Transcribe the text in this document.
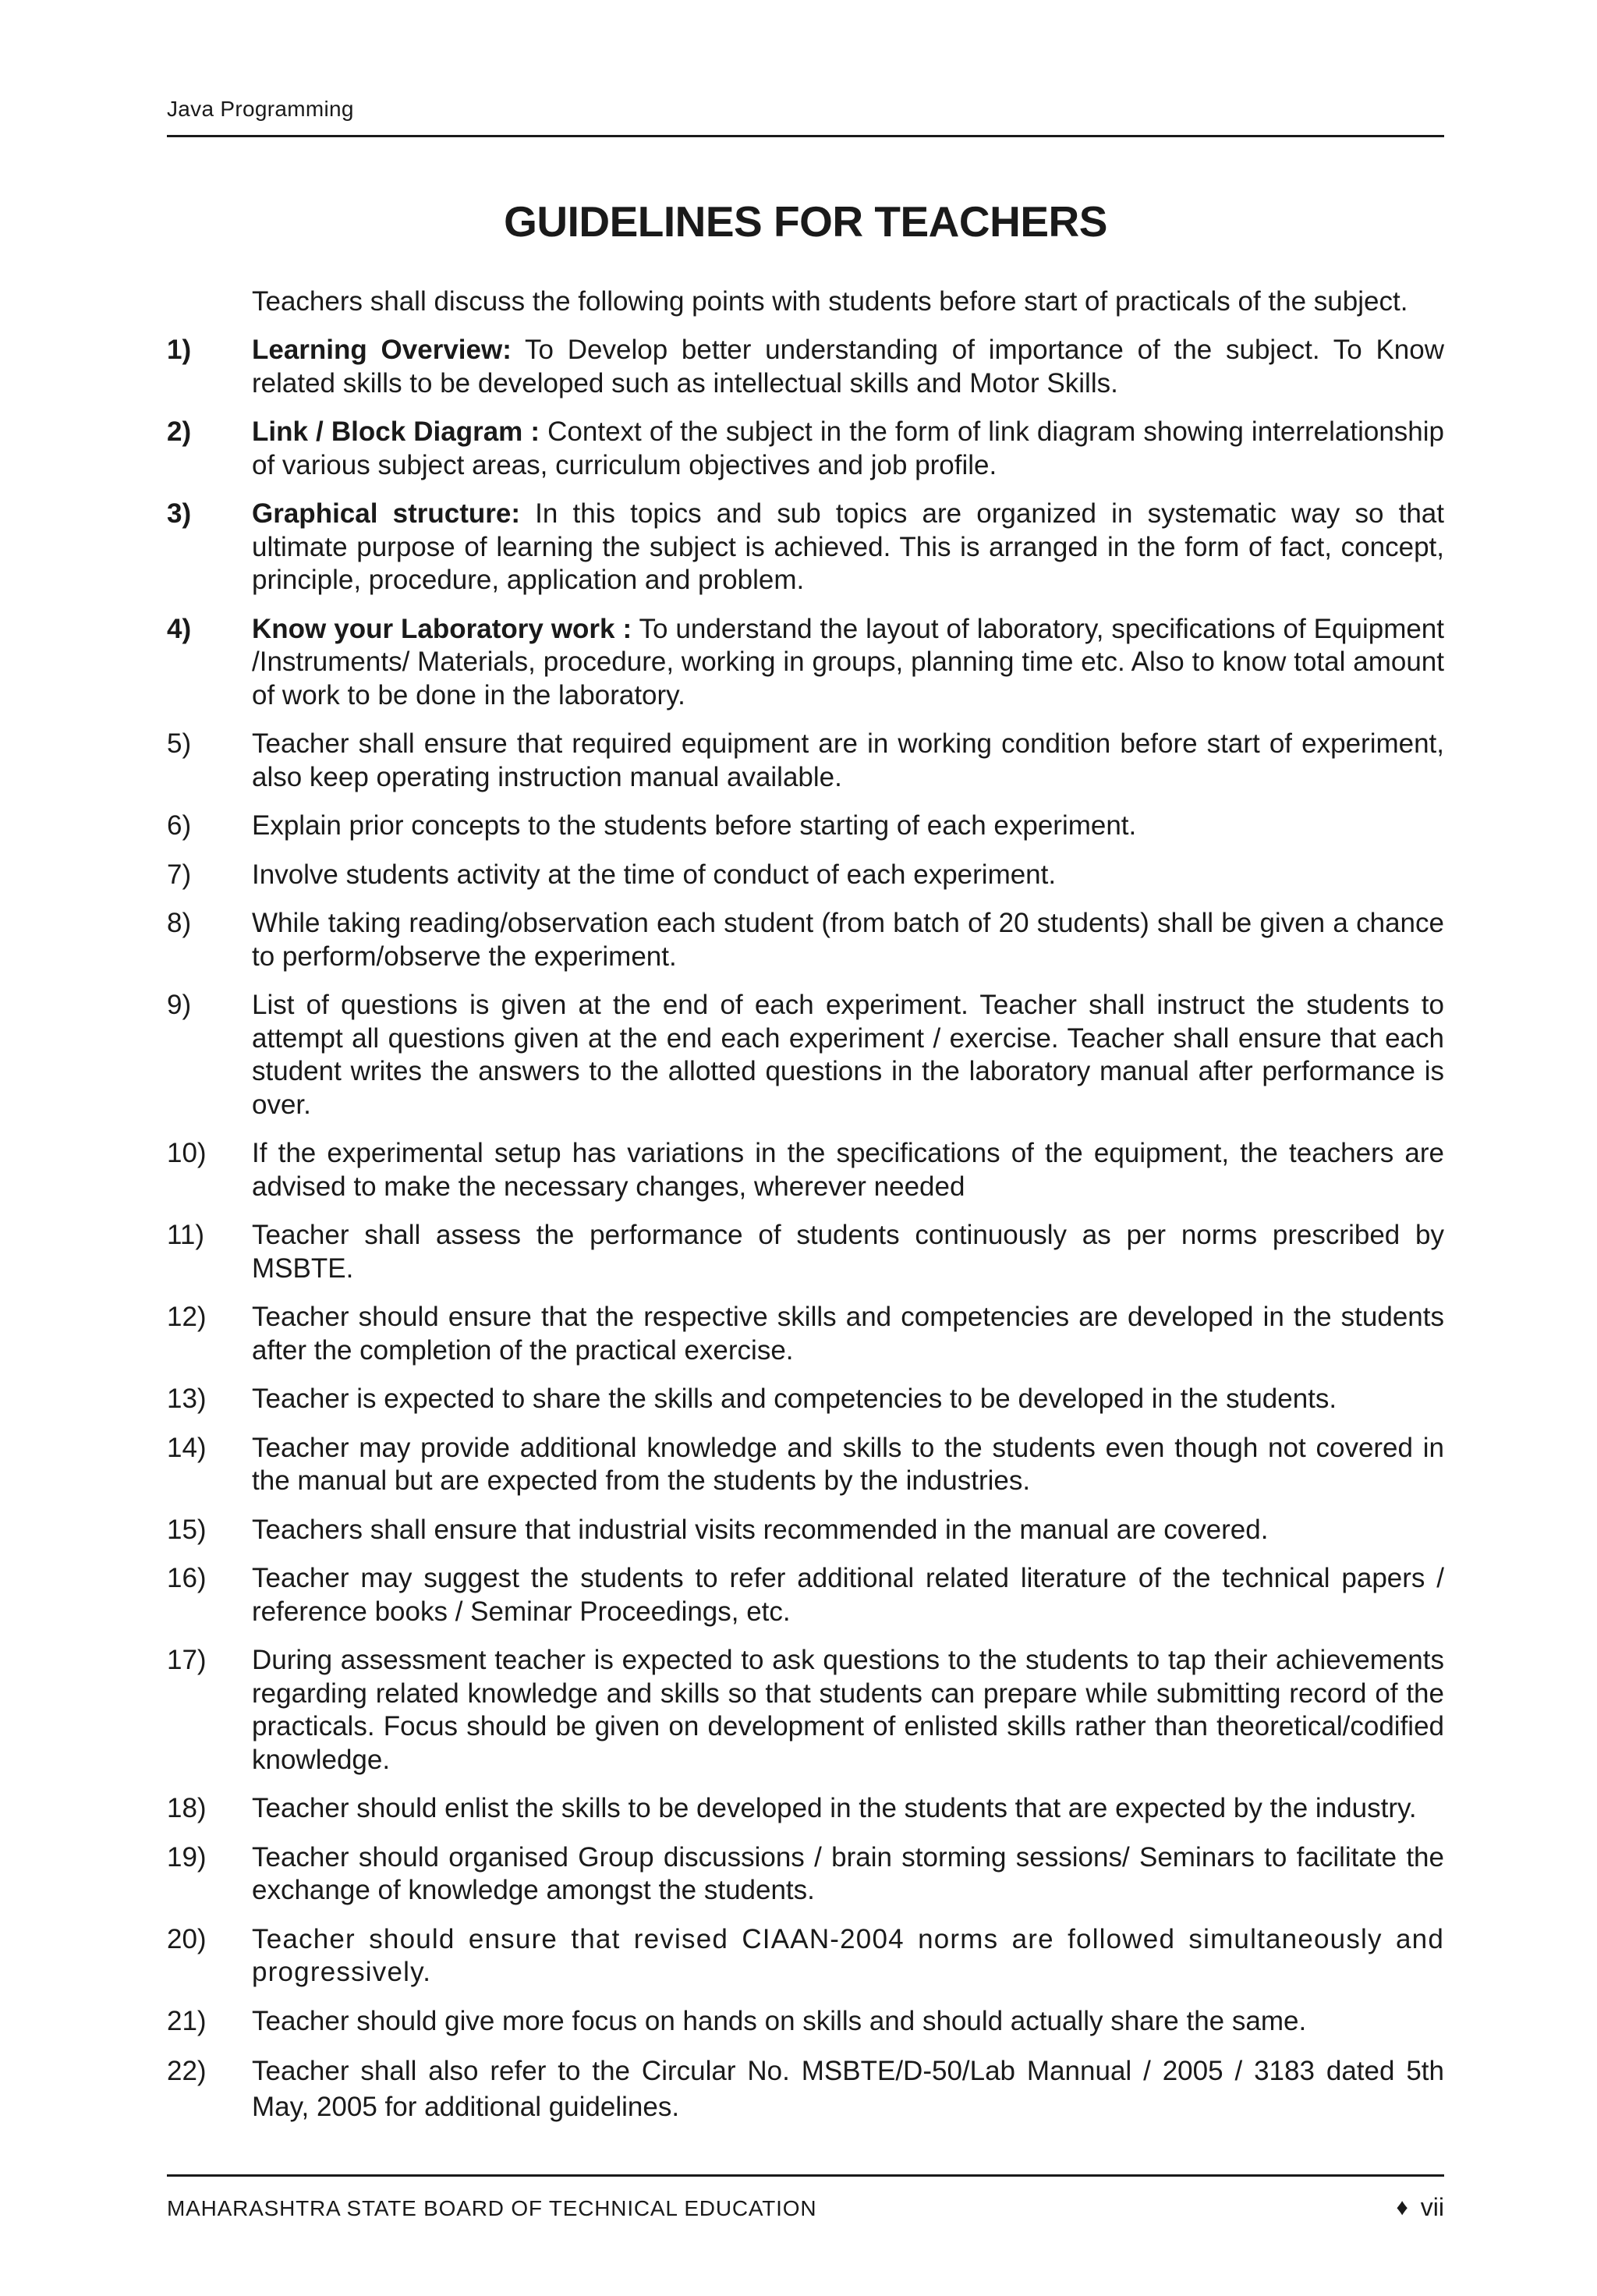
Java Programming
GUIDELINES FOR TEACHERS

Teachers shall discuss the following points with students before start of practicals of the subject.

1) Learning Overview: To Develop better understanding of importance of the subject. To Know related skills to be developed such as intellectual skills and Motor Skills.
2) Link / Block Diagram : Context of the subject in the form of link diagram showing interrelationship of various subject areas, curriculum objectives and job profile.
3) Graphical structure: In this topics and sub topics are organized in systematic way so that ultimate purpose of learning the subject is achieved. This is arranged in the form of fact, concept, principle, procedure, application and problem.
4) Know your Laboratory work : To understand the layout of laboratory, specifications of Equipment /Instruments/ Materials, procedure, working in groups, planning time etc. Also to know total amount of work to be done in the laboratory.
5) Teacher shall ensure that required equipment are in working condition before start of experiment, also keep operating instruction manual available.
6) Explain prior concepts to the students before starting of each experiment.
7) Involve students activity at the time of conduct of each experiment.
8) While taking reading/observation each student (from batch of 20 students) shall be given a chance to perform/observe the experiment.
9) List of questions is given at the end of each experiment. Teacher shall instruct the students to attempt all questions given at the end each experiment / exercise. Teacher shall ensure that each student writes the answers to the allotted questions in the laboratory manual after performance is over.
10) If the experimental setup has variations in the specifications of the equipment, the teachers are advised to make the necessary changes, wherever needed
11) Teacher shall assess the performance of students continuously as per norms prescribed by MSBTE.
12) Teacher should ensure that the respective skills and competencies are developed in the students after the completion of the practical exercise.
13) Teacher is expected to share the skills and competencies to be developed in the students.
14) Teacher may provide additional knowledge and skills to the students even though not covered in the manual but are expected from the students by the industries.
15) Teachers shall ensure that industrial visits recommended in the manual are covered.
16) Teacher may suggest the students to refer additional related literature of the technical papers / reference books / Seminar Proceedings, etc.
17) During assessment teacher is expected to ask questions to the students to tap their achievements regarding related knowledge and skills so that students can prepare while submitting record of the practicals. Focus should be given on development of enlisted skills rather than theoretical/codified knowledge.
18) Teacher should enlist the skills to be developed in the students that are expected by the industry.
19) Teacher should organised Group discussions / brain storming sessions/ Seminars to facilitate the exchange of knowledge amongst the students.
20) Teacher should ensure that revised CIAAN-2004 norms are followed simultaneously and progressively.
21) Teacher should give more focus on hands on skills and should actually share the same.
22) Teacher shall also refer to the Circular No. MSBTE/D-50/Lab Mannual / 2005 / 3183 dated 5th May, 2005 for additional guidelines.
MAHARASHTRA STATE BOARD OF TECHNICAL EDUCATION	♦ vii
